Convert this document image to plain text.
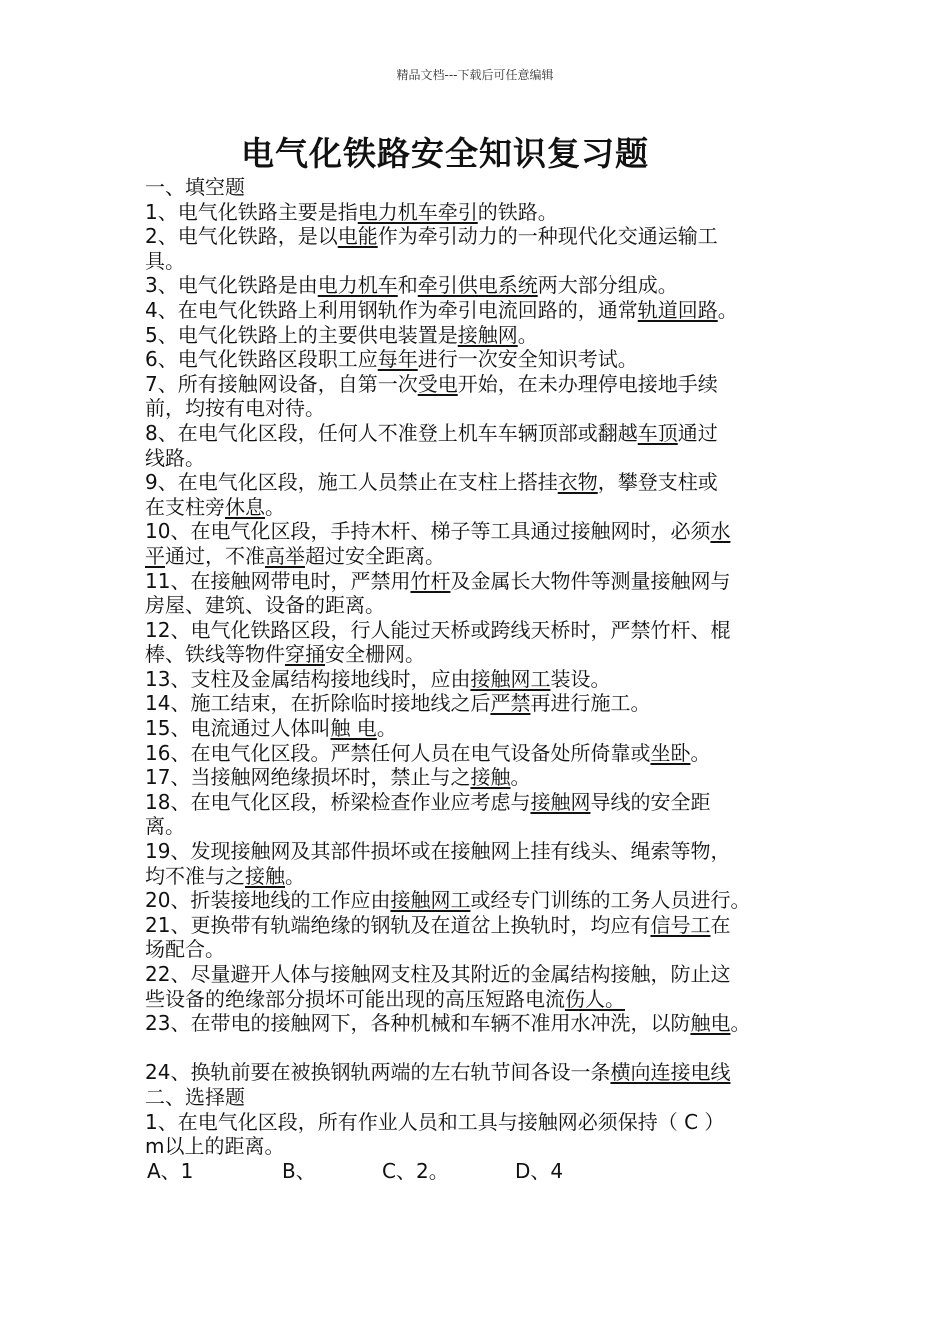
精品文档---下载后可任意编辑
电气化铁路安全知识复习题
一、填空题
1、电气化铁路主要是指电力机车牵引的铁路。
2、电气化铁路，是以电能作为牵引动力的一种现代化交通运输工
具。
3、电气化铁路是由电力机车和牵引供电系统两大部分组成。
4、在电气化铁路上利用钢轨作为牵引电流回路的，通常轨道回路。
5、电气化铁路上的主要供电装置是接触网。
6、电气化铁路区段职工应每年进行一次安全知识考试。
7、所有接触网设备，自第一次受电开始，在未办理停电接地手续
前，均按有电对待。
8、在电气化区段，任何人不准登上机车车辆顶部或翻越车顶通过
线路。
9、在电气化区段，施工人员禁止在支柱上搭挂衣物，攀登支柱或
在支柱旁休息。
10、在电气化区段，手持木杆、梯子等工具通过接触网时，必须水
平通过，不准高举超过安全距离。
11、在接触网带电时，严禁用竹杆及金属长大物件等测量接触网与
房屋、建筑、设备的距离。
12、电气化铁路区段，行人能过天桥或跨线天桥时，严禁竹杆、棍
棒、铁线等物件穿捅安全栅网。
13、支柱及金属结构接地线时，应由接触网工装设。
14、施工结束，在折除临时接地线之后严禁再进行施工。
15、电流通过人体叫触 电。
16、在电气化区段。严禁任何人员在电气设备处所倚靠或坐卧。
17、当接触网绝缘损坏时，禁止与之接触。
18、在电气化区段，桥梁检查作业应考虑与接触网导线的安全距
离。
19、发现接触网及其部件损坏或在接触网上挂有线头、绳索等物，
均不准与之接触。
20、折装接地线的工作应由接触网工或经专门训练的工务人员进行。
21、更换带有轨端绝缘的钢轨及在道岔上换轨时，均应有信号工在
场配合。
22、尽量避开人体与接触网支柱及其附近的金属结构接触，防止这
些设备的绝缘部分损坏可能出现的高压短路电流伤人。
23、在带电的接触网下，各种机械和车辆不准用水冲洗，以防触电。
24、换轨前要在被换钢轨两端的左右轨节间各设一条横向连接电线
二、选择题
1、在电气化区段，所有作业人员和工具与接触网必须保持（ C ）
m以上的距离。
A、1	B、	C、2。	D、4
